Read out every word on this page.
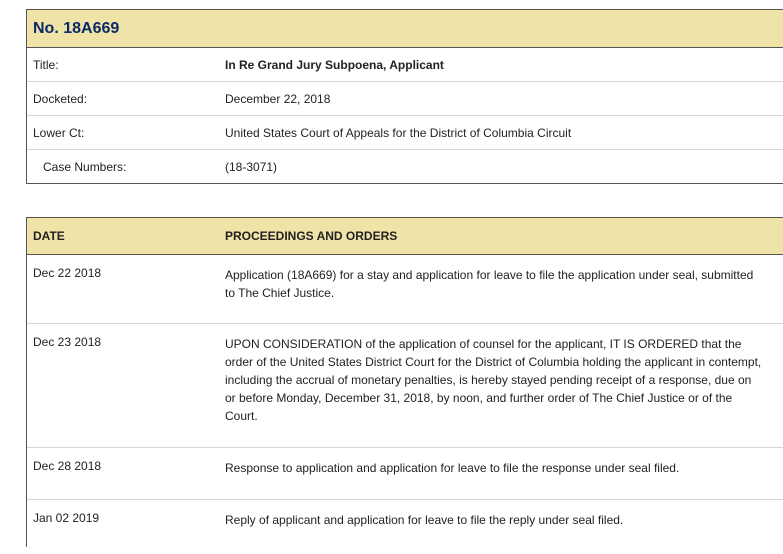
No. 18A669
Title:	In Re Grand Jury Subpoena, Applicant
Docketed:	December 22, 2018
Lower Ct:	United States Court of Appeals for the District of Columbia Circuit
Case Numbers:	(18-3071)
DATE	PROCEEDINGS AND ORDERS
Dec 22 2018	Application (18A669) for a stay and application for leave to file the application under seal, submitted to The Chief Justice.
Dec 23 2018	UPON CONSIDERATION of the application of counsel for the applicant, IT IS ORDERED that the order of the United States District Court for the District of Columbia holding the applicant in contempt, including the accrual of monetary penalties, is hereby stayed pending receipt of a response, due on or before Monday, December 31, 2018, by noon, and further order of The Chief Justice or of the Court.
Dec 28 2018	Response to application and application for leave to file the response under seal filed.
Jan 02 2019	Reply of applicant and application for leave to file the reply under seal filed.
